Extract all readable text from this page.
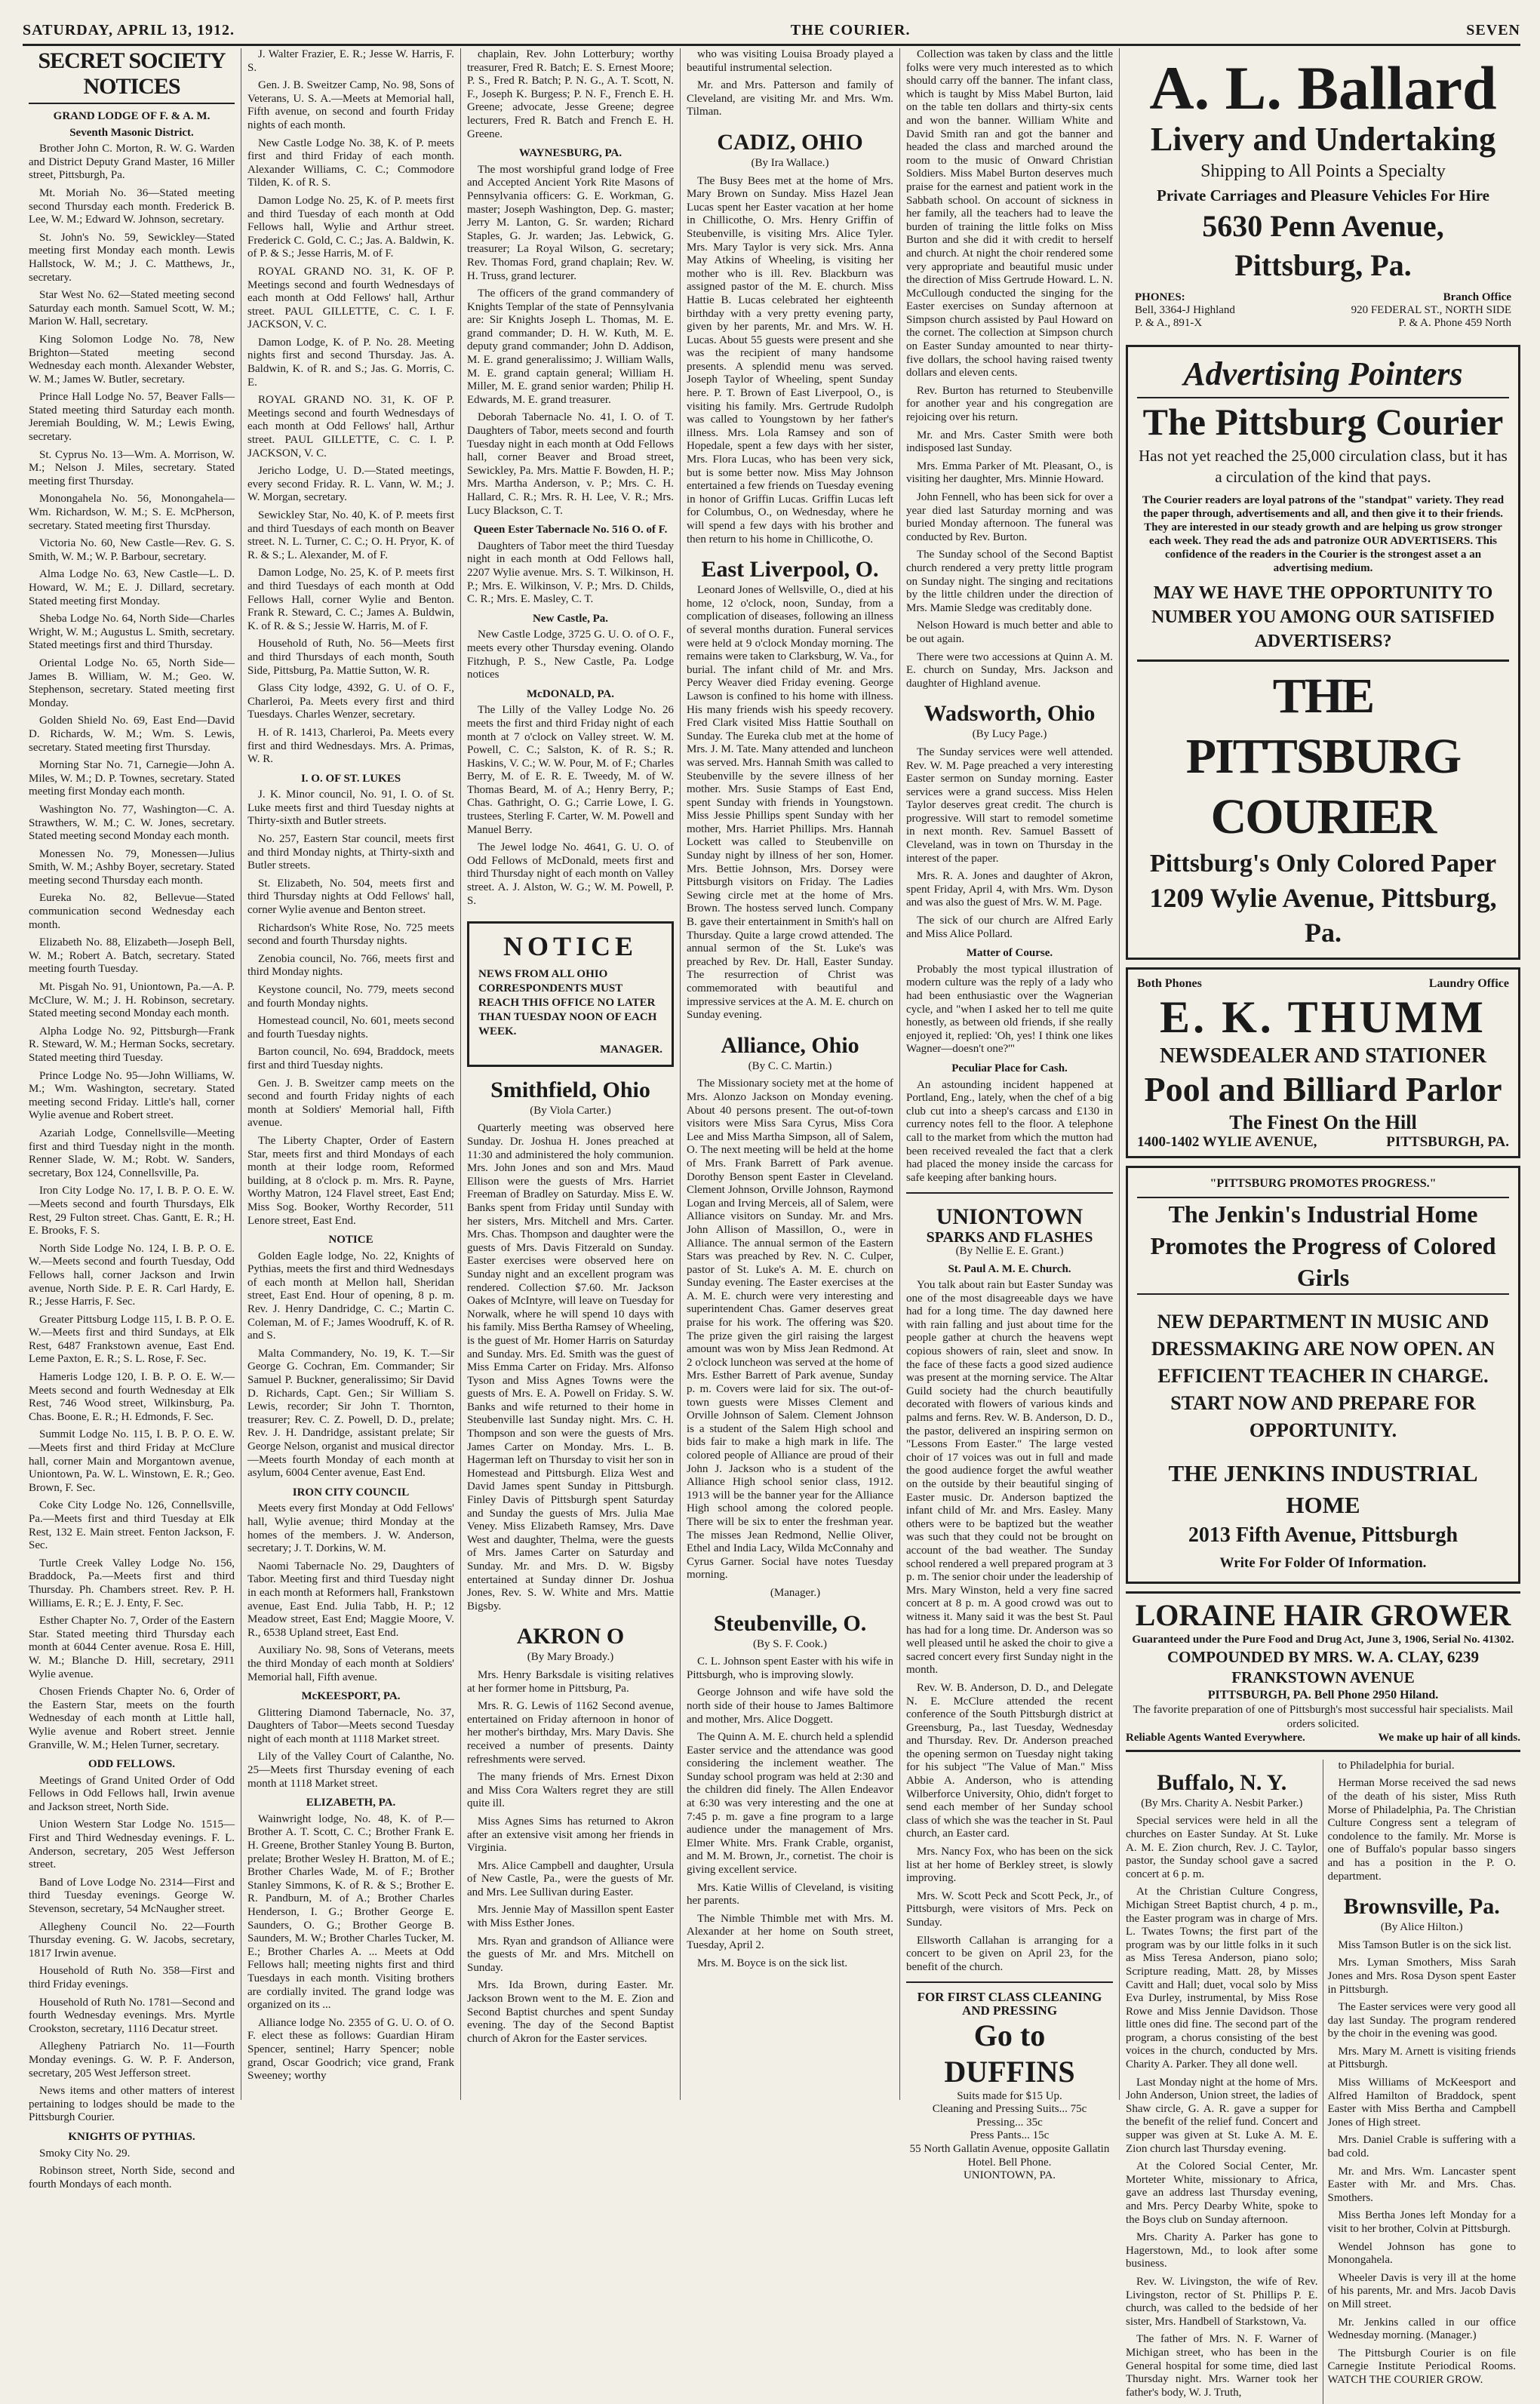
SATURDAY, APRIL 13, 1912.	THE COURIER.	SEVEN
SECRET SOCIETY NOTICES
GRAND LODGE OF F. & A. M.
Seventh Masonic District.

Brother John C. Morton, R. W. G. Warden and District Deputy Grand Master, 16 Miller street, Pittsburgh, Pa.

Mt. Moriah No. 36—Stated meeting second Thursday each month. Frederick B. Lee, W. M.; Edward W. Johnson, secretary.

St. John's No. 59, Sewickley—Stated meeting first Monday each month. Lewis Hallstock, W. M.; J. C. Matthews, Jr., secretary.

Star West No. 62—Stated meeting second Saturday each month. Samuel Scott, W. M.; Marion W. Hall, secretary.

King Solomon Lodge No. 78, New Brighton—Stated meeting second Wednesday each month. Alexander Webster, W. M.; James W. Butler, secretary.

Prince Hall Lodge No. 57, Beaver Falls—Stated meeting third Saturday each month. Jeremiah Boulding, W. M.; Lewis Ewing, secretary.

St. Cyprus No. 13—Wm. A. Morrison, W. M.; Nelson J. Miles, secretary. Stated meeting first Thursday.

Monongahela No. 56, Monongahela—Wm. Richardson, W. M.; S. E. McPherson, secretary. Stated meeting first Thursday.

Victoria No. 60, New Castle—Rev. G. S. Smith, W. M.; W. P. Barbour, secretary.

Alma Lodge No. 63, New Castle—L. D. Howard, W. M.; E. J. Dillard, secretary. Stated meeting first Monday.

Sheba Lodge No. 64, North Side—Charles Wright, W. M.; Augustus L. Smith, secretary. Stated meetings first and third Thursday.

Oriental Lodge No. 65, North Side—James B. William, W. M.; Geo. W. Stephenson, secretary. Stated meeting first Monday.

Golden Shield No. 69, East End—David D. Richards, W. M.; Wm. S. Lewis, secretary. Stated meeting first Thursday.

Morning Star No. 71, Carnegie—John A. Miles, W. M.; D. P. Townes, secretary. Stated meeting first Monday each month.

Washington No. 77, Washington—C. A. Strawthers, W. M.; C. W. Jones, secretary. Stated meeting second Monday each month.

Monessen No. 79, Monessen—Julius Smith, W. M.; Ashby Boyer, secretary. Stated meeting second Thursday each month.

Eureka No. 82, Bellevue—Stated communication second Wednesday each month.

Elizabeth No. 88, Elizabeth—Joseph Bell, W. M.; Robert A. Batch, secretary. Stated meeting fourth Tuesday.

Mt. Pisgah No. 91, Uniontown, Pa.—A. P. McClure, W. M.; J. H. Robinson, secretary. Stated meeting second Monday each month.

Alpha Lodge No. 92, Pittsburgh—Frank R. Steward, W. M.; Herman Socks, secretary. Stated meeting third Tuesday.

Prince Lodge No. 95—John Williams, W. M.; Wm. Washington, secretary. Stated meeting second Friday. Little's hall, corner Wylie avenue and Robert street.

Azariah Lodge, Connellsville—Meeting first and third Tuesday night in the month. Renner Slade, W. M.; Robt. W. Sanders, secretary, Box 124, Connellsville, Pa.

Iron City Lodge No. 17, I. B. P. O. E. W.—Meets second and fourth Thursdays, Elk Rest, 29 Fulton street. Chas. Gantt, E. R.; H. E. Brooks, F. S.

North Side Lodge No. 124, I. B. P. O. E. W.—Meets second and fourth Tuesday, Odd Fellows hall, corner Jackson and Irwin avenue, North Side. P. E. R. Carl Hardy, E. R.; Jesse Harris, F. Sec.

Greater Pittsburg Lodge 115, I. B. P. O. E. W.—Meets first and third Sundays, at Elk Rest, 6487 Frankstown avenue, East End. Leme Paxton, E. R.; S. L. Rose, F. Sec.

Hameris Lodge 120, I. B. P. O. E. W.—Meets second and fourth Wednesday at Elk Rest, 746 Wood street, Wilkinsburg, Pa. Chas. Boone, E. R.; H. Edmonds, F. Sec.

Summit Lodge No. 115, I. B. P. O. E. W.—Meets first and third Friday at McClure hall, corner Main and Morgantown avenue, Uniontown, Pa. W. L. Winstown, E. R.; Geo. Brown, F. Sec.

Coke City Lodge No. 126, Connellsville, Pa.—Meets first and third Tuesday at Elk Rest, 132 E. Main street. Fenton Jackson, F. Sec.

Turtle Creek Valley Lodge No. 156, Braddock, Pa.—Meets first and third Thursday. Ph. Chambers street. Rev. P. H. Williams, E. R.; E. J. Enty, F. Sec.

Esther Chapter No. 7, Order of the Eastern Star. Stated meeting third Thursday each month at 6044 Center avenue. Rosa E. Hill, W. M.; Blanche D. Hill, secretary, 2911 Wylie avenue.

Chosen Friends Chapter No. 6, Order of the Eastern Star, meets on the fourth Wednesday of each month at Little hall, Wylie avenue and Robert street. Jennie Granville, W. M.; Helen Turner, secretary.

ODD FELLOWS.

Meetings of Grand United Order of Odd Fellows in Odd Fellows hall, Irwin avenue and Jackson street, North Side.

Union Western Star Lodge No. 1515—First and Third Wednesday evenings. F. L. Anderson, secretary, 205 West Jefferson street.

Band of Love Lodge No. 2314—First and third Tuesday evenings. George W. Stevenson, secretary, 54 McNaugher street.

Allegheny Council No. 22—Fourth Thursday evening. G. W. Jacobs, secretary, 1817 Irwin avenue.

Household of Ruth No. 358—First and third Friday evenings.

Household of Ruth No. 1781—Second and fourth Wednesday evenings. Mrs. Myrtle Crookston, secretary, 1116 Decatur street.

Allegheny Patriarch No. 11—Fourth Monday evenings. G. W. P. F. Anderson, secretary, 205 West Jefferson street.

News items and other matters of interest pertaining to lodges should be made to the Pittsburgh Courier.

KNIGHTS OF PYTHIAS.

Smoky City No. 29.

Robinson street, North Side, second and fourth Mondays of each month.

J. Walter Frazier, E. R.; Jesse W. Harris, F. S.

Gen. J. B. Sweitzer Camp, No. 98, Sons of Veterans, U. S. A.—Meets at Memorial hall, Fifth avenue, on second and fourth Friday nights of each month.

New Castle Lodge No. 38, K. of P. meets first and third Friday of each month. Alexander Williams, C. C.; Commodore Tilden, K. of R. S.

Damon Lodge No. 25, K. of P. meets first and third Tuesday of each month at Odd Fellows hall, Wylie and Arthur street. Frederick C. Gold, C. C.; Jas. A. Baldwin, K. of P. & S.; Jesse Harris, M. of F.

ROYAL GRAND NO. 31, K. OF P. Meetings second and fourth Wednesdays of each month at Odd Fellows' hall, Arthur street. PAUL GILLETTE, C. C. I. F. JACKSON, V. C.

Damon Lodge, K. of P. No. 28. Meeting nights first and second Thursday. Jas. A. Baldwin, K. of R. and S.; Jas. G. Morris, C. E.

ROYAL GRAND NO. 31, K. OF P. Meetings second and fourth Wednesdays of each month at Odd Fellows' hall, Arthur street. PAUL GILLETTE, C. C. I. P. JACKSON, V. C.

Jericho Lodge, U. D.—Stated meetings, every second Friday. R. L. Vann, W. M.; J. W. Morgan, secretary.

Sewickley Star, No. 40, K. of P. meets first and third Tuesdays of each month on Beaver street. N. L. Turner, C. C.; O. H. Pryor, K. of R. & S.; L. Alexander, M. of F.

Damon Lodge, No. 25, K. of P. meets first and third Tuesdays of each month at Odd Fellows Hall, corner Wylie and Benton. Frank R. Steward, C. C.; James A. Buldwin, K. of R. & S.; Jessie W. Harris, M. of F.

Household of Ruth, No. 56—Meets first and third Thursdays of each month, South Side, Pittsburg, Pa. Mattie Sutton, W. R.

Glass City lodge, 4392, G. U. of O. F., Charleroi, Pa. Meets every first and third Tuesdays. Charles Wenzer, secretary.

H. of R. 1413, Charleroi, Pa. Meets every first and third Wednesdays. Mrs. A. Primas, W. R.

I. O. OF ST. LUKES

J. K. Minor council, No. 91, I. O. of St. Luke meets first and third Tuesday nights at Thirty-sixth and Butler streets.

No. 257, Eastern Star council, meets first and third Monday nights, at Thirty-sixth and Butler streets.

St. Elizabeth, No. 504, meets first and third Thursday nights at Odd Fellows' hall, corner Wylie avenue and Benton street.

Richardson's White Rose, No. 725 meets second and fourth Thursday nights.

Zenobia council, No. 766, meets first and third Monday nights.

Keystone council, No. 779, meets second and fourth Monday nights.

Homestead council, No. 601, meets second and fourth Tuesday nights.

Barton council, No. 694, Braddock, meets first and third Tuesday nights.

Gen. J. B. Sweitzer camp meets on the second and fourth Friday nights of each month at Soldiers' Memorial hall, Fifth avenue.

The Liberty Chapter, Order of Eastern Star, meets first and third Mondays of each month at their lodge room, Reformed building, at 8 o'clock p. m. Mrs. R. Payne, Worthy Matron, 124 Flavel street, East End; Miss Sog. Booker, Worthy Recorder, 511 Lenore street, East End.

NOTICE

Golden Eagle lodge, No. 22, Knights of Pythias, meets the first and third Wednesdays of each month at Mellon hall, Sheridan street, East End. Hour of opening, 8 p. m. Rev. J. Henry Dandridge, C. C.; Martin C. Coleman, M. of F.; James Woodruff, K. of R. and S.

Malta Commandery, No. 19, K. T.—Sir George G. Cochran, Em. Commander; Sir Samuel P. Buckner, generalissimo; Sir David D. Richards, Capt. Gen.; Sir William S. Lewis, recorder; Sir John T. Thornton, treasurer; Rev. C. Z. Powell, D. D., prelate; Rev. J. H. Dandridge, assistant prelate; Sir George Nelson, organist and musical director—Meets fourth Monday of each month at asylum, 6004 Center avenue, East End.

IRON CITY COUNCIL

Meets every first Monday at Odd Fellows' hall, Wylie avenue; third Monday at the homes of the members. J. W. Anderson, secretary; J. T. Dorkins, W. M.

Naomi Tabernacle No. 29, Daughters of Tabor. Meeting first and third Tuesday night in each month at Reformers hall, Frankstown avenue, East End. Julia Tabb, H. P.; 12 Meadow street, East End; Maggie Moore, V. R., 6538 Upland street, East End.

Auxiliary No. 98, Sons of Veterans, meets the third Monday of each month at Soldiers' Memorial hall, Fifth avenue.

McKEESPORT, PA.

Glittering Diamond Tabernacle, No. 37, Daughters of Tabor—Meets second Tuesday night of each month at 1118 Market street.

Lily of the Valley Court of Calanthe, No. 25—Meets first Thursday evening of each month at 1118 Market street.

ELIZABETH, PA.

Wainwright lodge, No. 48, K. of P.—Brother A. T. Scott, C. C.; Brother Frank E. H. Greene, Brother Stanley Young B. Burton, prelate; Brother Wesley H. Bratton, M. of E.; Brother Charles Wade, M. of F.; Brother Stanley Simmons, K. of R. & S.; Brother E. R. Pandburn, M. of A.; Brother Charles Henderson, I. G.; Brother George E. Saunders, O. G.; Brother George B. Saunders, M. W.; Brother Charles Tucker, M. E.; Brother Charles A. ... Meets at Odd Fellows hall; meeting nights first and third Tuesdays in each month. Visiting brothers are cordially invited. The grand lodge was organized on its ...

Alliance lodge No. 2355 of G. U. O. of O. F. elect these as follows: Guardian Hiram Spencer, sentinel; Harry Spencer; noble grand, Oscar Goodrich; vice grand, Frank Sweeney; worthy

chaplain, Rev. John Lotterbury; worthy treasurer, Fred R. Batch; E. S. Ernest Moore; P. S., Fred R. Batch; P. N. G., A. T. Scott, N. F., Joseph K. Burgess; P. N. F., French E. H. Greene; advocate, Jesse Greene; degree lecturers, Fred R. Batch and French E. H. Greene.

WAYNESBURG, PA.

The most worshipful grand lodge of Free and Accepted Ancient York Rite Masons of Pennsylvania officers: G. E. Workman, G. master; Joseph Washington, Dep. G. master; Jerry M. Lanton, G. Sr. warden; Richard Staples, G. Jr. warden; Jas. Lebwick, G. treasurer; La Royal Wilson, G. secretary; Rev. Thomas Ford, grand chaplain; Rev. W. H. Truss, grand lecturer.

The officers of the grand commandery of Knights Templar of the state of Pennsylvania are: Sir Knights Joseph L. Thomas, M. E. grand commander; D. H. W. Kuth, M. E. deputy grand commander; John D. Addison, M. E. grand generalissimo; J. William Walls, M. E. grand captain general; William H. Miller, M. E. grand senior warden; Philip H. Edwards, M. E. grand treasurer.

Deborah Tabernacle No. 41, I. O. of T. Daughters of Tabor, meets second and fourth Tuesday night in each month at Odd Fellows hall, corner Beaver and Broad street, Sewickley, Pa. Mrs. Mattie F. Bowden, H. P.; Mrs. Martha Anderson, v. P.; Mrs. C. H. Hallard, C. R.; Mrs. R. H. Lee, V. R.; Mrs. Lucy Blackson, C. T.

Queen Ester Tabernacle No. 516 O. of F.

Daughters of Tabor meet the third Tuesday night in each month at Odd Fellows hall, 2207 Wylie avenue. Mrs. S. T. Wilkinson, H. P.; Mrs. E. Wilkinson, V. P.; Mrs. D. Childs, C. R.; Mrs. E. Masley, C. T.

New Castle, Pa.

New Castle Lodge, 3725 G. U. O. of O. F., meets every other Thursday evening. Olando Fitzhugh, P. S., New Castle, Pa. Lodge notices

McDONALD, PA.

The Lilly of the Valley Lodge No. 26 meets the first and third Friday night of each month at 7 o'clock on Valley street. W. M. Powell, C. C.; Salston, K. of R. S.; R. Haskins, V. C.; W. W. Pour, M. of F.; Charles Berry, M. of E. R. E. Tweedy, M. of W. Thomas Beard, M. of A.; Henry Berry, P.; Chas. Gathright, O. G.; Carrie Lowe, I. G. trustees, Sterling F. Carter, W. M. Powell and Manuel Berry.

The Jewel lodge No. 4641, G. U. O. of Odd Fellows of McDonald, meets first and third Thursday night of each month on Valley street. A. J. Alston, W. G.; W. M. Powell, P. S.

NOTICE
NEWS FROM ALL OHIO CORRESPONDENTS MUST REACH THIS OFFICE NO LATER THAN TUESDAY NOON OF EACH WEEK.
MANAGER.
Smithfield, Ohio
(By Viola Carter.)

Quarterly meeting was observed here Sunday. Dr. Joshua H. Jones preached at 11:30 and administered the holy communion. Mrs. John Jones and son and Mrs. Maud Ellison were the guests of Mrs. Harriet Freeman of Bradley on Saturday. Miss E. W. Banks spent from Friday until Sunday with her sisters, Mrs. Mitchell and Mrs. Carter. Mrs. Chas. Thompson and daughter were the guests of Mrs. Davis Fitzerald on Sunday. Easter exercises were observed here on Sunday night and an excellent program was rendered. Collection $7.60. Mr. Jackson Oakes of McIntyre, will leave on Tuesday for Norwalk, where he will spend 10 days with his family. Miss Bertha Ramsey of Wheeling, is the guest of Mr. Homer Harris on Saturday and Sunday. Mrs. Ed. Smith was the guest of Miss Emma Carter on Friday. Mrs. Alfonso Tyson and Miss Agnes Towns were the guests of Mrs. E. A. Powell on Friday. S. W. Banks and wife returned to their home in Steubenville last Sunday night. Mrs. C. H. Thompson and son were the guests of Mrs. James Carter on Monday. Mrs. L. B. Hagerman left on Thursday to visit her son in Homestead and Pittsburgh. Eliza West and David James spent Sunday in Pittsburgh. Finley Davis of Pittsburgh spent Saturday and Sunday the guests of Mrs. Julia Mae Veney. Miss Elizabeth Ramsey, Mrs. Dave West and daughter, Thelma, were the guests of Mrs. James Carter on Saturday and Sunday. Mr. and Mrs. D. W. Bigsby entertained at Sunday dinner Dr. Joshua Jones, Rev. S. W. White and Mrs. Mattie Bigsby.

AKRON O
(By Mary Broady.)

Mrs. Henry Barksdale is visiting relatives at her former home in Pittsburg, Pa.

Mrs. R. G. Lewis of 1162 Second avenue, entertained on Friday afternoon in honor of her mother's birthday, Mrs. Mary Davis. She received a number of presents. Dainty refreshments were served.

The many friends of Mrs. Ernest Dixon and Miss Cora Walters regret they are still quite ill.

Miss Agnes Sims has returned to Akron after an extensive visit among her friends in Virginia.

Mrs. Alice Campbell and daughter, Ursula of New Castle, Pa., were the guests of Mr. and Mrs. Lee Sullivan during Easter.

Mrs. Jennie May of Massillon spent Easter with Miss Esther Jones.

Mrs. Ryan and grandson of Alliance were the guests of Mr. and Mrs. Mitchell on Sunday.

Mrs. Ida Brown, during Easter. Mr. Jackson Brown went to the M. E. Zion and Second Baptist churches and spent Sunday evening. The day of the Second Baptist church of Akron for the Easter services.

who was visiting Louisa Broady played a beautiful instrumental selection.

Mr. and Mrs. Patterson and family of Cleveland, are visiting Mr. and Mrs. Wm. Tilman.

CADIZ, OHIO
(By Ira Wallace.)

The Busy Bees met at the home of Mrs. Mary Brown on Sunday. Miss Hazel Jean Lucas spent her Easter vacation at her home in Chillicothe, O. Mrs. Henry Griffin of Steubenville, is visiting Mrs. Alice Tyler. Mrs. Mary Taylor is very sick. Mrs. Anna May Atkins of Wheeling, is visiting her mother who is ill. Rev. Blackburn was assigned pastor of the M. E. church. Miss Hattie B. Lucas celebrated her eighteenth birthday with a very pretty evening party, given by her parents, Mr. and Mrs. W. H. Lucas. About 55 guests were present and she was the recipient of many handsome presents. A splendid menu was served. Joseph Taylor of Wheeling, spent Sunday here. P. T. Brown of East Liverpool, O., is visiting his family. Mrs. Gertrude Rudolph was called to Youngstown by her father's illness. Mrs. Lola Ramsey and son of Hopedale, spent a few days with her sister, Mrs. Flora Lucas, who has been very sick, but is some better now. Miss May Johnson entertained a few friends on Tuesday evening in honor of Griffin Lucas. Griffin Lucas left for Columbus, O., on Wednesday, where he will spend a few days with his brother and then return to his home in Chillicothe, O.

East Liverpool, O.

Leonard Jones of Wellsville, O., died at his home, 12 o'clock, noon, Sunday, from a complication of diseases, following an illness of several months duration. Funeral services were held at 9 o'clock Monday morning. The remains were taken to Clarksburg, W. Va., for burial. The infant child of Mr. and Mrs. Percy Weaver died Friday evening. George Lawson is confined to his home with illness. His many friends wish his speedy recovery. Fred Clark visited Miss Hattie Southall on Sunday. The Eureka club met at the home of Mrs. J. M. Tate. Many attended and luncheon was served. Mrs. Hannah Smith was called to Steubenville by the severe illness of her mother. Mrs. Susie Stamps of East End, spent Sunday with friends in Youngstown. Miss Jessie Phillips spent Sunday with her mother, Mrs. Harriet Phillips. Mrs. Hannah Lockett was called to Steubenville on Sunday night by illness of her son, Homer. Mrs. Bettie Johnson, Mrs. Dorsey were Pittsburgh visitors on Friday. The Ladies Sewing circle met at the home of Mrs. Brown. The hostess served lunch. Company B. gave their entertainment in Smith's hall on Thursday. Quite a large crowd attended. The annual sermon of the St. Luke's was preached by Rev. Dr. Hall, Easter Sunday. The resurrection of Christ was commemorated with beautiful and impressive services at the A. M. E. church on Sunday evening.

Alliance, Ohio
(By C. C. Martin.)

The Missionary society met at the home of Mrs. Alonzo Jackson on Monday evening. About 40 persons present. The out-of-town visitors were Miss Sara Cyrus, Miss Cora Lee and Miss Martha Simpson, all of Salem, O. The next meeting will be held at the home of Mrs. Frank Barrett of Park avenue. Dorothy Benson spent Easter in Cleveland. Clement Johnson, Orville Johnson, Raymond Logan and Irving Merceis, all of Salem, were Alliance visitors on Sunday. Mr. and Mrs. John Allison of Massillon, O., were in Alliance. The annual sermon of the Eastern Stars was preached by Rev. N. C. Culper, pastor of St. Luke's A. M. E. church on Sunday evening. The Easter exercises at the A. M. E. church were very interesting and superintendent Chas. Gamer deserves great praise for his work. The offering was $20. The prize given the girl raising the largest amount was won by Miss Jean Redmond. At 2 o'clock luncheon was served at the home of Mrs. Esther Barrett of Park avenue, Sunday p. m. Covers were laid for six. The out-of-town guests were Misses Clement and Orville Johnson of Salem. Clement Johnson is a student of the Salem High school and bids fair to make a high mark in life. The colored people of Alliance are proud of their John J. Jackson who is a student of the Alliance High school senior class, 1912. 1913 will be the banner year for the Alliance High school among the colored people. There will be six to enter the freshman year. The misses Jean Redmond, Nellie Oliver, Ethel and India Lacy, Wilda McConnahy and Cyrus Garner. Social have notes Tuesday morning.

(Manager.)

Steubenville, O.
(By S. F. Cook.)

C. L. Johnson spent Easter with his wife in Pittsburgh, who is improving slowly.

George Johnson and wife have sold the north side of their house to James Baltimore and mother, Mrs. Alice Doggett.

The Quinn A. M. E. church held a splendid Easter service and the attendance was good considering the inclement weather. The Sunday school program was held at 2:30 and the children did finely. The Allen Endeavor at 6:30 was very interesting and the one at 7:45 p. m. gave a fine program to a large audience under the management of Mrs. Elmer White. Mrs. Frank Crable, organist, and M. M. Brown, Jr., cornetist. The choir is giving excellent service.

Mrs. Katie Willis of Cleveland, is visiting her parents.

The Nimble Thimble met with Mrs. M. Alexander at her home on South street, Tuesday, April 2.

Mrs. M. Boyce is on the sick list.

Collection was taken by class and the little folks were very much interested as to which should carry off the banner. The infant class, which is taught by Miss Mabel Burton, laid on the table ten dollars and thirty-six cents and won the banner. William White and David Smith ran and got the banner and headed the class and marched around the room to the music of Onward Christian Soldiers. Miss Mabel Burton deserves much praise for the earnest and patient work in the Sabbath school. On account of sickness in her family, all the teachers had to leave the burden of training the little folks on Miss Burton and she did it with credit to herself and church. At night the choir rendered some very appropriate and beautiful music under the direction of Miss Gertrude Howard. L. N. McCullough conducted the singing for the Easter exercises on Sunday afternoon at Simpson church assisted by Paul Howard on the cornet. The collection at Simpson church on Easter Sunday amounted to near thirty-five dollars, the school having raised twenty dollars and eleven cents.

Rev. Burton has returned to Steubenville for another year and his congregation are rejoicing over his return.

Mr. and Mrs. Caster Smith were both indisposed last Sunday.

Mrs. Emma Parker of Mt. Pleasant, O., is visiting her daughter, Mrs. Minnie Howard.

John Fennell, who has been sick for over a year died last Saturday morning and was buried Monday afternoon. The funeral was conducted by Rev. Burton.

The Sunday school of the Second Baptist church rendered a very pretty little program on Sunday night. The singing and recitations by the little children under the direction of Mrs. Mamie Sledge was creditably done.

Nelson Howard is much better and able to be out again.

There were two accessions at Quinn A. M. E. church on Sunday, Mrs. Jackson and daughter of Highland avenue.

Wadsworth, Ohio
(By Lucy Page.)

The Sunday services were well attended. Rev. W. M. Page preached a very interesting Easter sermon on Sunday morning. Easter services were a grand success. Miss Helen Taylor deserves great credit. The church is progressive. Will start to remodel sometime in next month. Rev. Samuel Bassett of Cleveland, was in town on Thursday in the interest of the paper.

Mrs. R. A. Jones and daughter of Akron, spent Friday, April 4, with Mrs. Wm. Dyson and was also the guest of Mrs. W. M. Page.

The sick of our church are Alfred Early and Miss Alice Pollard.

Matter of Course.

Probably the most typical illustration of modern culture was the reply of a lady who had been enthusiastic over the Wagnerian cycle, and "when I asked her to tell me quite honestly, as between old friends, if she really enjoyed it, replied: 'Oh, yes! I think one likes Wagner—doesn't one?'"

Peculiar Place for Cash.

An astounding incident happened at Portland, Eng., lately, when the chef of a big club cut into a sheep's carcass and £130 in currency notes fell to the floor. A telephone call to the market from which the mutton had been received revealed the fact that a clerk had placed the money inside the carcass for safe keeping after banking hours.

UNIONTOWN
SPARKS AND FLASHES
(By Nellie E. E. Grant.)
St. Paul A. M. E. Church.

You talk about rain but Easter Sunday was one of the most disagreeable days we have had for a long time. The day dawned here with rain falling and just about time for the people gather at church the heavens wept copious showers of rain, sleet and snow. In the face of these facts a good sized audience was present at the morning service. The Altar Guild society had the church beautifully decorated with flowers of various kinds and palms and ferns. Rev. W. B. Anderson, D. D., the pastor, delivered an inspiring sermon on "Lessons From Easter." The large vested choir of 17 voices was out in full and made the good audience forget the awful weather on the outside by their beautiful singing of Easter music. Dr. Anderson baptized the infant child of Mr. and Mrs. Easley. Many others were to be baptized but the weather was such that they could not be brought on account of the bad weather. The Sunday school rendered a well prepared program at 3 p. m. The senior choir under the leadership of Mrs. Mary Winston, held a very fine sacred concert at 8 p. m. A good crowd was out to witness it. Many said it was the best St. Paul has had for a long time. Dr. Anderson was so well pleased until he asked the choir to give a sacred concert every first Sunday night in the month.

Rev. W. B. Anderson, D. D., and Delegate N. E. McClure attended the recent conference of the South Pittsburgh district at Greensburg, Pa., last Tuesday, Wednesday and Thursday. Rev. Dr. Anderson preached the opening sermon on Tuesday night taking for his subject "The Value of Man." Miss Abbie A. Anderson, who is attending Wilberforce University, Ohio, didn't forget to send each member of her Sunday school class of which she was the teacher in St. Paul church, an Easter card.

Mrs. Nancy Fox, who has been on the sick list at her home of Berkley street, is slowly improving.

Mrs. W. Scott Peck and Scott Peck, Jr., of Pittsburgh, were visitors of Mrs. Peck on Sunday.

Ellsworth Callahan is arranging for a concert to be given on April 23, for the benefit of the church.

FOR FIRST CLASS CLEANING AND PRESSING
Go to DUFFINS
Suits made for $15 Up.
Cleaning and Pressing Suits... 75c
Pressing... 35c
Press Pants... 15c
55 North Gallatin Avenue, opposite Gallatin Hotel. Bell Phone.
UNIONTOWN, PA.
A. L. Ballard
Livery and Undertaking
Shipping to All Points a Specialty
Private Carriages and Pleasure Vehicles For Hire
5630 Penn Avenue, Pittsburg, Pa.
PHONES:
Bell, 3364-J Highland
P. & A., 891-X
Branch Office
920 FEDERAL ST., NORTH SIDE
P. & A. Phone 459 North
Advertising Pointers
The Pittsburg Courier
Has not yet reached the 25,000 circulation class, but it has a circulation of the kind that pays.
The Courier readers are loyal patrons of the "standpat" variety. They read the paper through, advertisements and all, and then give it to their friends. They are interested in our steady growth and are helping us grow stronger each week. They read the ads and patronize OUR ADVERTISERS. This confidence of the readers in the Courier is the strongest asset a an advertising medium.
MAY WE HAVE THE OPPORTUNITY TO NUMBER YOU AMONG OUR SATISFIED ADVERTISERS?
THE PITTSBURG COURIER
Pittsburg's Only Colored Paper
1209 Wylie Avenue, Pittsburg, Pa.
Both Phones	Laundry Office
E. K. THUMM
NEWSDEALER AND STATIONER
Pool and Billiard Parlor
The Finest On the Hill
1400-1402 WYLIE AVENUE,	PITTSBURGH, PA.
"PITTSBURG PROMOTES PROGRESS."
The Jenkin's Industrial Home Promotes the Progress of Colored Girls
NEW DEPARTMENT IN MUSIC AND DRESSMAKING ARE NOW OPEN. AN EFFICIENT TEACHER IN CHARGE. START NOW AND PREPARE FOR OPPORTUNITY.
THE JENKINS INDUSTRIAL HOME
2013 Fifth Avenue, Pittsburgh
Write For Folder Of Information.
LORAINE HAIR GROWER
Guaranteed under the Pure Food and Drug Act, June 3, 1906, Serial No. 41302.
COMPOUNDED BY MRS. W. A. CLAY, 6239 FRANKSTOWN AVENUE
PITTSBURGH, PA. Bell Phone 2950 Hiland.
The favorite preparation of one of Pittsburgh's most successful hair specialists. Mail orders solicited.
Reliable Agents Wanted Everywhere.	We make up hair of all kinds.
Buffalo, N. Y.
(By Mrs. Charity A. Nesbit Parker.)

Special services were held in all the churches on Easter Sunday. At St. Luke A. M. E. Zion church, Rev. J. C. Taylor, pastor, the Sunday school gave a sacred concert at 6 p. m.

At the Christian Culture Congress, Michigan Street Baptist church, 4 p. m., the Easter program was in charge of Mrs. L. Twates Towns; the first part of the program was by our little folks in it such as Miss Teresa Anderson, piano solo; Scripture reading, Matt. 28, by Misses Cavitt and Hall; duet, vocal solo by Miss Eva Durley, instrumental, by Miss Rose Rowe and Miss Jennie Davidson. Those little ones did fine. The second part of the program, a chorus consisting of the best voices in the church, conducted by Mrs. Charity A. Parker. They all done well.

Last Monday night at the home of Mrs. John Anderson, Union street, the ladies of Shaw circle, G. A. R. gave a supper for the benefit of the relief fund. Concert and supper was given at St. Luke A. M. E. Zion church last Thursday evening.

At the Colored Social Center, Mr. Morteter White, missionary to Africa, gave an address last Thursday evening, and Mrs. Percy Dearby White, spoke to the Boys club on Sunday afternoon.

Mrs. Charity A. Parker has gone to Hagerstown, Md., to look after some business.

Rev. W. Livingston, the wife of Rev. Livingston, rector of St. Phillips P. E. church, was called to the bedside of her sister, Mrs. Handbell of Starkstown, Va.

The father of Mrs. N. F. Warner of Michigan street, who has been in the General hospital for some time, died last Thursday night. Mrs. Warner took her father's body, W. J. Truth,

to Philadelphia for burial.

Herman Morse received the sad news of the death of his sister, Miss Ruth Morse of Philadelphia, Pa. The Christian Culture Congress sent a telegram of condolence to the family. Mr. Morse is one of Buffalo's popular basso singers and has a position in the P. O. department.

Brownsville, Pa.
(By Alice Hilton.)

Miss Tamson Butler is on the sick list.

Mrs. Lyman Smothers, Miss Sarah Jones and Mrs. Rosa Dyson spent Easter in Pittsburgh.

The Easter services were very good all day last Sunday. The program rendered by the choir in the evening was good.

Mrs. Mary M. Arnett is visiting friends at Pittsburgh.

Miss Williams of McKeesport and Alfred Hamilton of Braddock, spent Easter with Miss Bertha and Campbell Jones of High street.

Mrs. Daniel Crable is suffering with a bad cold.

Mr. and Mrs. Wm. Lancaster spent Easter with Mr. and Mrs. Chas. Smothers.

Miss Bertha Jones left Monday for a visit to her brother, Colvin at Pittsburgh.

Wendel Johnson has gone to Monongahela.

Wheeler Davis is very ill at the home of his parents, Mr. and Mrs. Jacob Davis on Mill street.

Mr. Jenkins called in our office Wednesday morning. (Manager.)

The Pittsburgh Courier is on file Carnegie Institute Periodical Rooms. WATCH THE COURIER GROW.
